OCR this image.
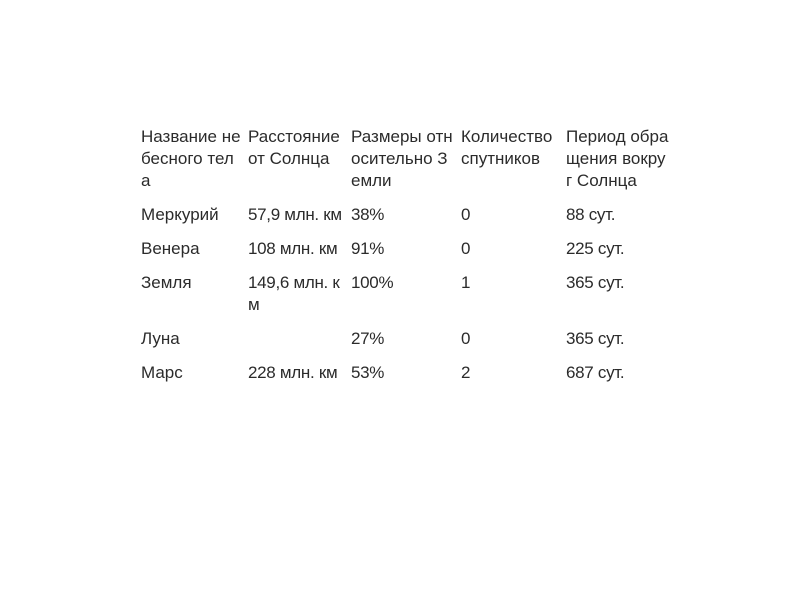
Название небесного тела	Расстояние от Солнца	Размеры относительно Земли	Количество спутников	Период обращения вокруг Солнца
Меркурий	57,9 млн. км	38%	0	88 сут.
Венера	108 млн. км	91%	0	225 сут.
Земля	149,6 млн. км	100%	1	365 сут.
Луна		27%	0	365 сут.
Марс	228 млн. км	53%	2	687 сут.
